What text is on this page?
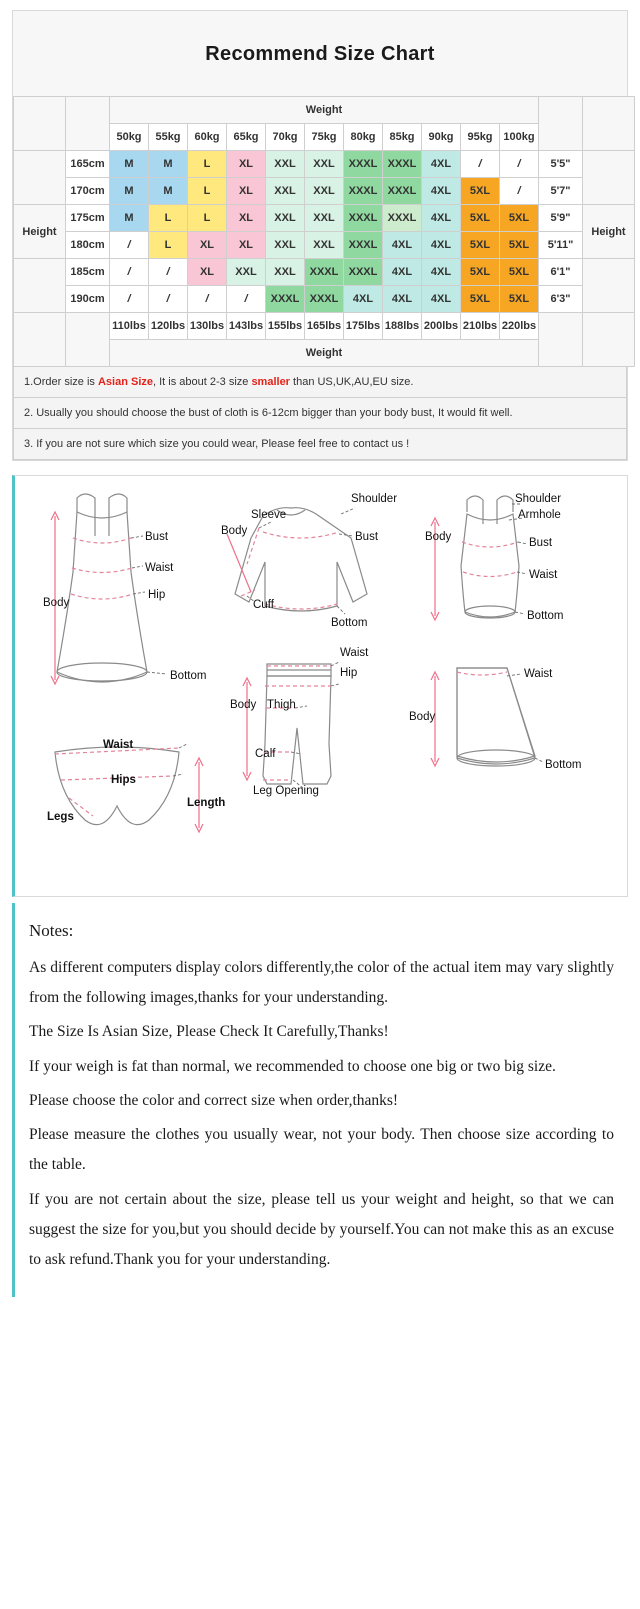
Recommend Size Chart
		Weight												
		50kg	55kg	60kg	65kg	70kg	75kg	80kg	85kg	90kg	95kg	100kg		
	165cm	M	M	L	XL	XXL	XXL	XXXL	XXXL	4XL	/	/	5'5"	
	170cm	M	M	L	XL	XXL	XXL	XXXL	XXXL	4XL	5XL	/	5'7"	
Height	175cm	M	L	L	XL	XXL	XXL	XXXL	XXXL	4XL	5XL	5XL	5'9"	Height
	180cm	/	L	XL	XL	XXL	XXL	XXXL	4XL	4XL	5XL	5XL	5'11"	
	185cm	/	/	XL	XXL	XXL	XXXL	XXXL	4XL	4XL	5XL	5XL	6'1"	
	190cm	/	/	/	/	XXXL	XXXL	4XL	4XL	4XL	5XL	5XL	6'3"	
		110lbs	120lbs	130lbs	143lbs	155lbs	165lbs	175lbs	188lbs	200lbs	210lbs	220lbs		
		Weight												
1.Order size is Asian Size, It is about 2-3 size smaller than US,UK,AU,EU size.
2. Usually you should choose the bust of cloth is 6-12cm bigger than your body bust, It would fit well.
3. If you are not sure which size you could wear, Please feel free to contact us !
Body
Bust
Waist
Hip
Bottom
Shoulder
Sleeve
Body	Bust
Cuff
Bottom
Shoulder
Armhole
Body	Bust
Waist
Bottom
Waist
Hip
Body Thigh
Calf
Leg Opening
Waist
Body
Bottom
Waist
Hips
Legs
Length
Notes:

As different computers display colors differently,the color of the actual item may vary slightly from the following images,thanks for your understanding.

The Size Is Asian Size, Please Check It Carefully,Thanks!

If your weigh is fat than normal, we recommended to choose one big or two big size.

Please choose the color and correct size when order,thanks!

Please measure the clothes you usually wear, not your body. Then choose size according to the table.

If you are not certain about the size, please tell us your weight and height, so that we can suggest the size for you,but you should decide by yourself.You can not make this as an excuse to ask refund.Thank you for your understanding.
